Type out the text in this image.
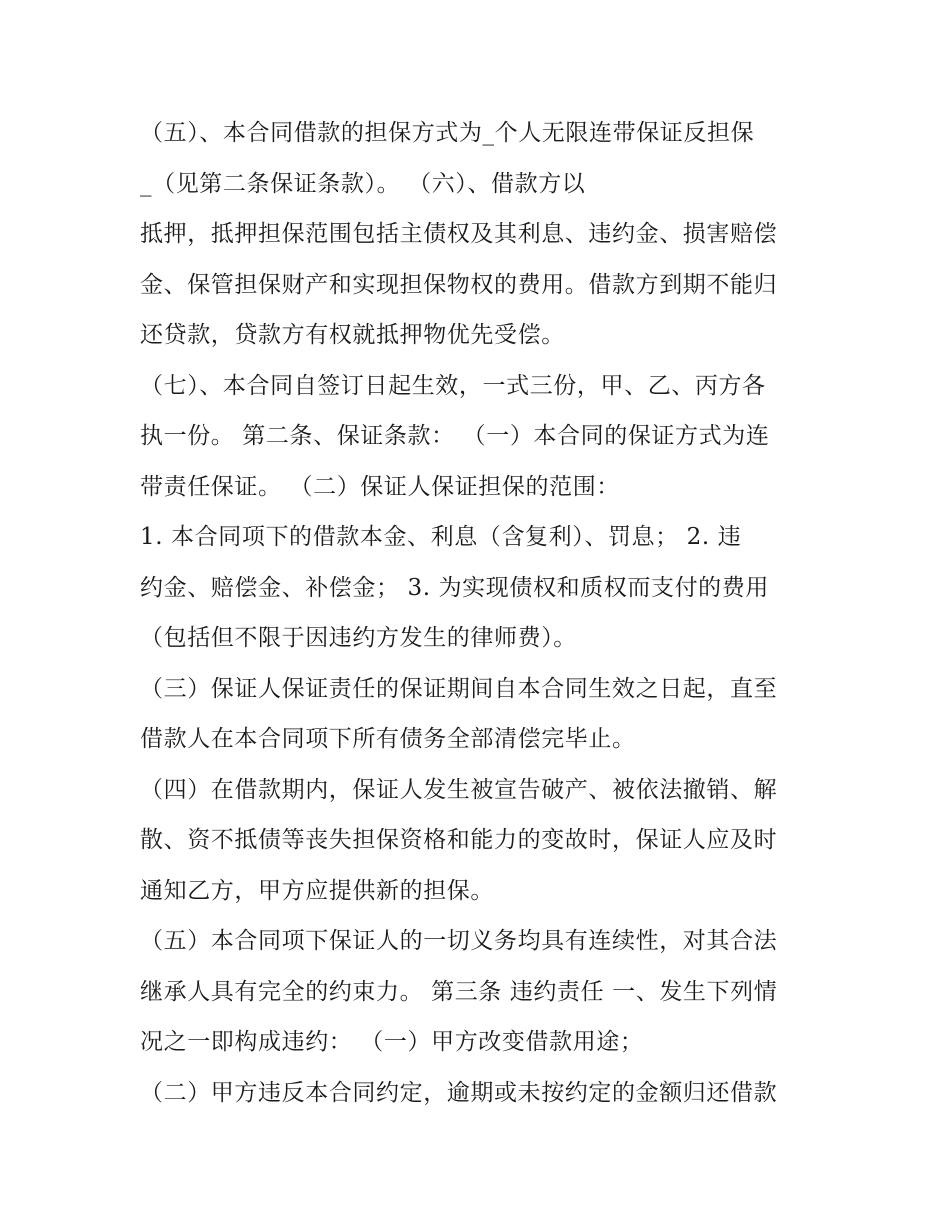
（五）、本合同借款的担保方式为_个人无限连带保证反担保
_（见第二条保证条款）。 （六）、借款方以
抵押，抵押担保范围包括主债权及其利息、违约金、损害赔偿
金、保管担保财产和实现担保物权的费用。借款方到期不能归
还贷款，贷款方有权就抵押物优先受偿。
（七）、本合同自签订日起生效，一式三份，甲、乙、丙方各
执一份。 第二条、保证条款： （一）本合同的保证方式为连
带责任保证。 （二）保证人保证担保的范围：
1. 本合同项下的借款本金、利息（含复利）、罚息； 2. 违
约金、赔偿金、补偿金； 3. 为实现债权和质权而支付的费用
（包括但不限于因违约方发生的律师费）。
（三）保证人保证责任的保证期间自本合同生效之日起，直至
借款人在本合同项下所有债务全部清偿完毕止。
（四）在借款期内，保证人发生被宣告破产、被依法撤销、解
散、资不抵债等丧失担保资格和能力的变故时，保证人应及时
通知乙方，甲方应提供新的担保。
（五）本合同项下保证人的一切义务均具有连续性，对其合法
继承人具有完全的约束力。 第三条 违约责任 一、发生下列情
况之一即构成违约： （一）甲方改变借款用途；
（二）甲方违反本合同约定，逾期或未按约定的金额归还借款
